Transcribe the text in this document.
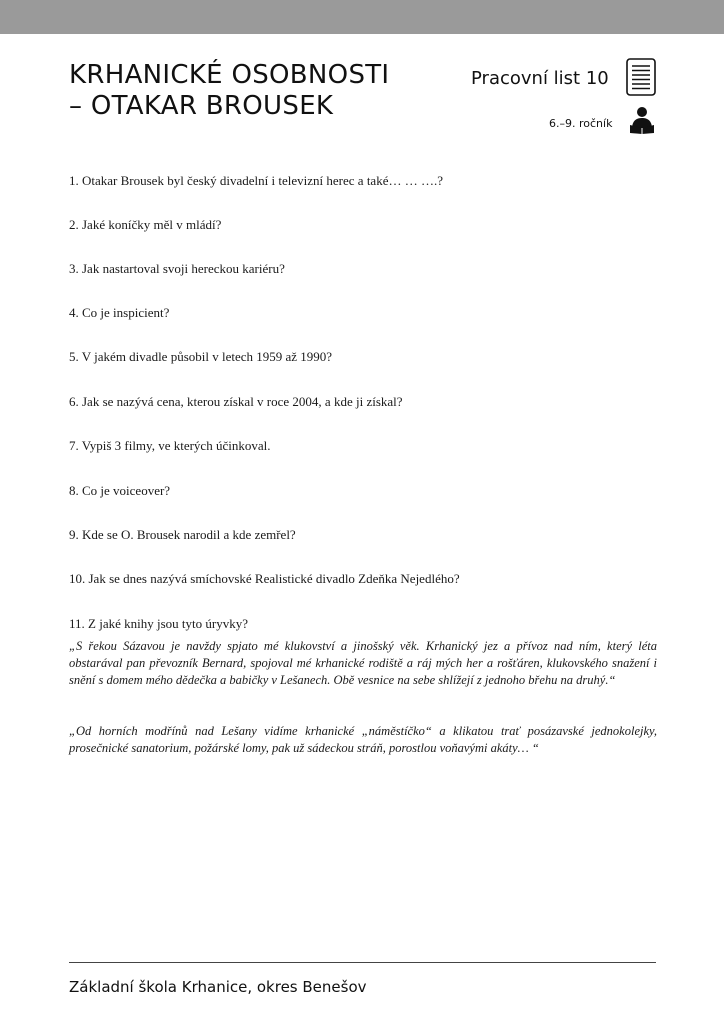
KRHANICKÉ OSOBNOSTI
– OTAKAR BROUSEK
Pracovní list 10
6.–9. ročník
1. Otakar Brousek byl český divadelní i televizní herec a také… … ….?
2. Jaké koníčky měl v mládí?
3. Jak nastartoval svoji hereckou kariéru?
4. Co je inspicient?
5. V jakém divadle působil v letech 1959 až 1990?
6. Jak se nazývá cena, kterou získal v roce 2004, a kde ji získal?
7. Vypiš 3 filmy, ve kterých účinkoval.
8. Co je voiceover?
9. Kde se O. Brousek narodil a kde zemřel?
10. Jak se dnes nazývá smíchovské Realistické divadlo Zdeňka Nejedlého?
11. Z jaké knihy jsou tyto úryvky?
„S řekou Sázavou je navždy spjato mé klukovství a jinošský věk. Krhanický jez a přívoz nad ním, který léta obstarával pan převozník Bernard, spojoval mé krhanické rodiště a ráj mých her a rošťáren, klukovského snažení i snění s domem mého dědečka a babičky v Lešanech. Obě vesnice na sebe shlížejí z jednoho břehu na druhý.“
„Od horních modřínů nad Lešany vidíme krhanické „náměstíčko“ a klikatou trať posázavské jednokolejky, prosečnické sanatorium, požárské lomy, pak už sádeckou stráň, porostlou voňavými akáty… “
Základní škola Krhanice, okres Benešov
